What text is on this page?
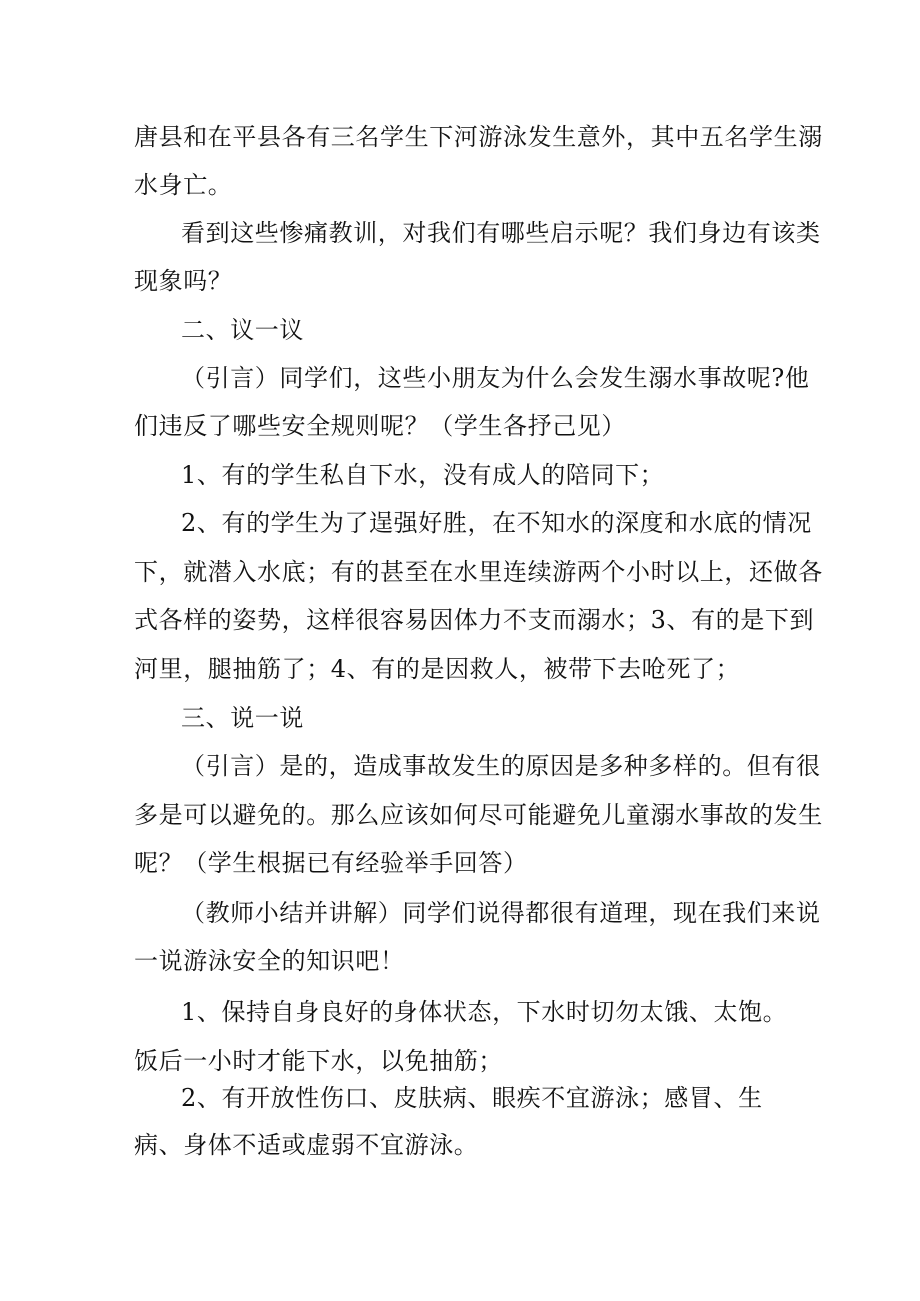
唐县和在平县各有三名学生下河游泳发生意外，其中五名学生溺
水身亡。
看到这些惨痛教训，对我们有哪些启示呢？我们身边有该类
现象吗？
二、议一议
（引言）同学们，这些小朋友为什么会发生溺水事故呢?他
们违反了哪些安全规则呢？（学生各抒己见）
1、有的学生私自下水，没有成人的陪同下；
2、有的学生为了逞强好胜，在不知水的深度和水底的情况
下，就潜入水底；有的甚至在水里连续游两个小时以上，还做各
式各样的姿势，这样很容易因体力不支而溺水；3、有的是下到
河里，腿抽筋了；4、有的是因救人，被带下去呛死了；
三、说一说
（引言）是的，造成事故发生的原因是多种多样的。但有很
多是可以避免的。那么应该如何尽可能避免儿童溺水事故的发生
呢？（学生根据已有经验举手回答）
（教师小结并讲解）同学们说得都很有道理，现在我们来说
一说游泳安全的知识吧！
1、保持自身良好的身体状态，下水时切勿太饿、太饱。
饭后一小时才能下水，以免抽筋；
2、有开放性伤口、皮肤病、眼疾不宜游泳；感冒、生
病、身体不适或虚弱不宜游泳。
